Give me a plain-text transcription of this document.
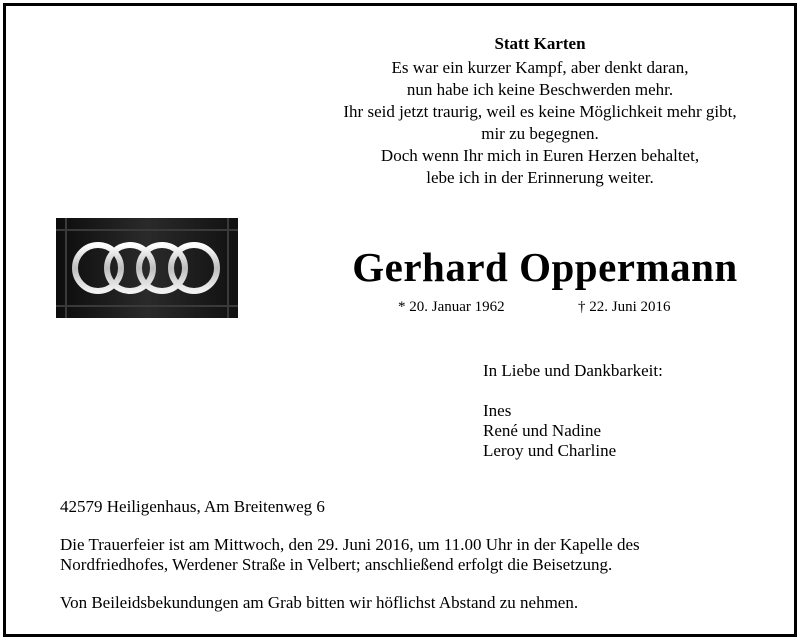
Statt Karten
Es war ein kurzer Kampf, aber denkt daran,
nun habe ich keine Beschwerden mehr.
Ihr seid jetzt traurig, weil es keine Möglichkeit mehr gibt,
mir zu begegnen.
Doch wenn Ihr mich in Euren Herzen behaltet,
lebe ich in der Erinnerung weiter.
Gerhard Oppermann
* 20. Januar 1962	† 22. Juni 2016
In Liebe und Dankbarkeit:
Ines
René und Nadine
Leroy und Charline
42579 Heiligenhaus, Am Breitenweg 6
Die Trauerfeier ist am Mittwoch, den 29. Juni 2016, um 11.00 Uhr in der Kapelle des
Nordfriedhofes, Werdener Straße in Velbert; anschließend erfolgt die Beisetzung.
Von Beileidsbekundungen am Grab bitten wir höflichst Abstand zu nehmen.
